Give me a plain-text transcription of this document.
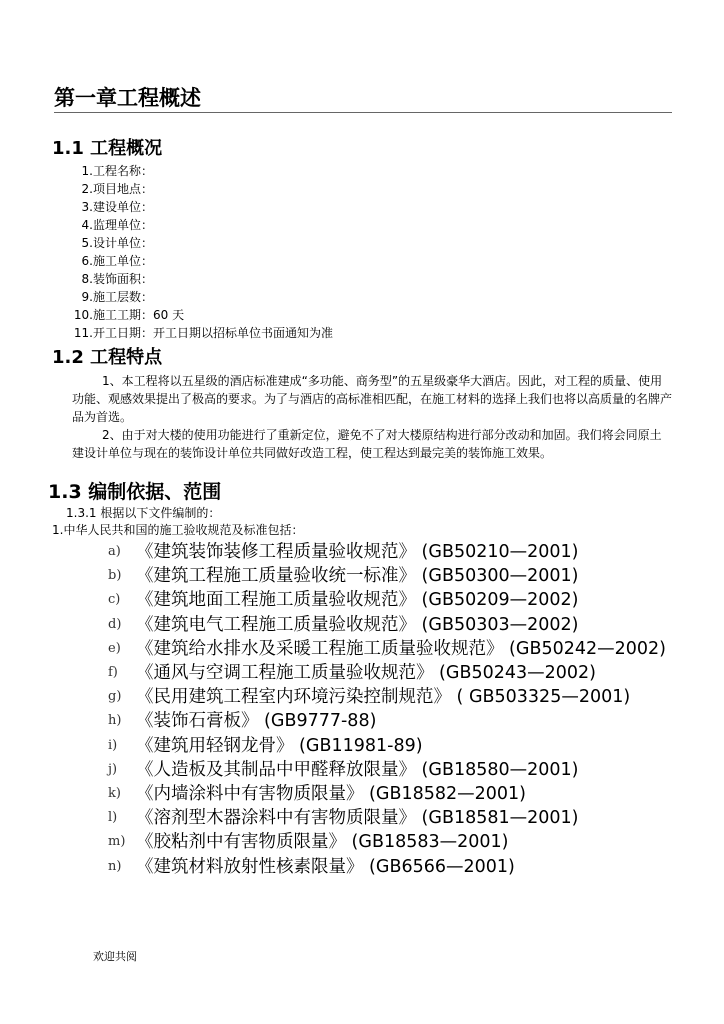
第一章工程概述
1.1 工程概况
1.工程名称：
2.项目地点：
3.建设单位：
4.监理单位：
5.设计单位：
6.施工单位：
8.装饰面积：
9.施工层数：
10.施工工期：60 天
11.开工日期：开工日期以招标单位书面通知为准
1.2 工程特点

1、本工程将以五星级的酒店标准建成“多功能、商务型”的五星级豪华大酒店。因此，对工程的质量、使用功能、观感效果提出了极高的要求。为了与酒店的高标准相匹配，在施工材料的选择上我们也将以高质量的名牌产品为首选。

2、由于对大楼的使用功能进行了重新定位，避免不了对大楼原结构进行部分改动和加固。我们将会同原土建设计单位与现在的装饰设计单位共同做好改造工程，使工程达到最完美的装饰施工效果。

1.3 编制依据、范围
1.3.1 根据以下文件编制的：
1.中华人民共和国的施工验收规范及标准包括：
a) 《建筑装饰装修工程质量验收规范》 (GB50210—2001)
b) 《建筑工程施工质量验收统一标准》 (GB50300—2001)
c) 《建筑地面工程施工质量验收规范》 (GB50209—2002)
d) 《建筑电气工程施工质量验收规范》 (GB50303—2002)
e) 《建筑给水排水及采暖工程施工质量验收规范》 (GB50242—2002)
f)	《通风与空调工程施工质量验收规范》 (GB50243—2002)
g) 《民用建筑工程室内环境污染控制规范》 ( GB503325—2001)
h) 《装饰石膏板》 (GB9777-88)
i)	《建筑用轻钢龙骨》 (GB11981-89)
j)	《人造板及其制品中甲醛释放限量》 (GB18580—2001)
k) 《内墙涂料中有害物质限量》 (GB18582—2001)
l)	《溶剂型木器涂料中有害物质限量》 (GB18581—2001)
m) 《胶粘剂中有害物质限量》 (GB18583—2001)
n) 《建筑材料放射性核素限量》 (GB6566—2001)
欢迎共阅
